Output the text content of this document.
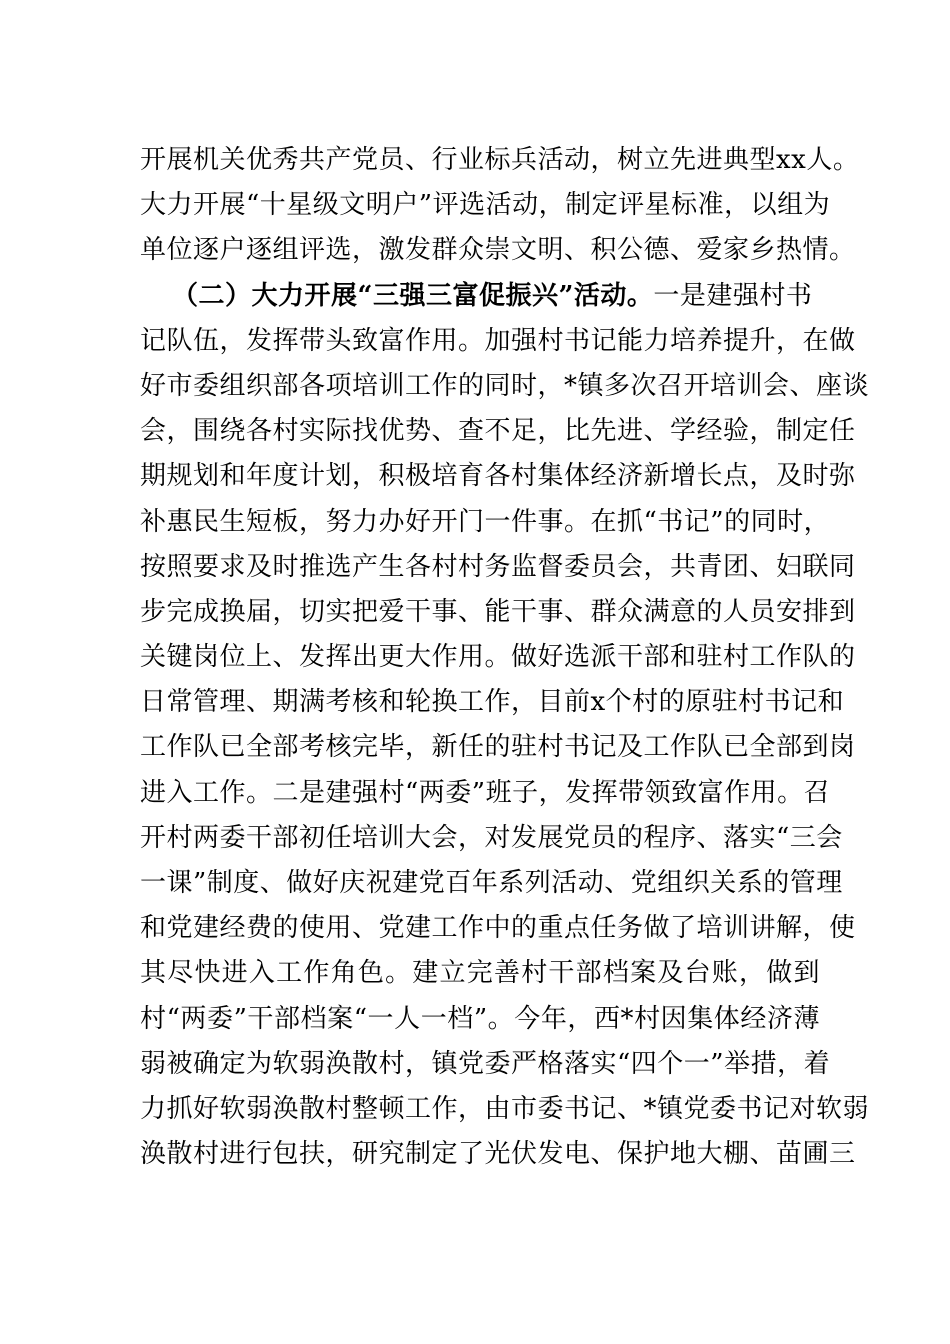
开展机关优秀共产党员、行业标兵活动，树立先进典型xx人。
大力开展“十星级文明户”评选活动，制定评星标准，以组为
单位逐户逐组评选，激发群众崇文明、积公德、爱家乡热情。
（二）大力开展“三强三富促振兴”活动。一是建强村书
记队伍，发挥带头致富作用。加强村书记能力培养提升，在做
好市委组织部各项培训工作的同时，*镇多次召开培训会、座谈
会，围绕各村实际找优势、查不足，比先进、学经验，制定任
期规划和年度计划，积极培育各村集体经济新增长点，及时弥
补惠民生短板，努力办好开门一件事。在抓“书记”的同时，
按照要求及时推选产生各村村务监督委员会，共青团、妇联同
步完成换届，切实把爱干事、能干事、群众满意的人员安排到
关键岗位上、发挥出更大作用。做好选派干部和驻村工作队的
日常管理、期满考核和轮换工作，目前x个村的原驻村书记和
工作队已全部考核完毕，新任的驻村书记及工作队已全部到岗
进入工作。二是建强村“两委”班子，发挥带领致富作用。召
开村两委干部初任培训大会，对发展党员的程序、落实“三会
一课”制度、做好庆祝建党百年系列活动、党组织关系的管理
和党建经费的使用、党建工作中的重点任务做了培训讲解，使
其尽快进入工作角色。建立完善村干部档案及台账，做到
村“两委”干部档案“一人一档”。今年，西*村因集体经济薄
弱被确定为软弱涣散村，镇党委严格落实“四个一”举措，着
力抓好软弱涣散村整顿工作，由市委书记、*镇党委书记对软弱
涣散村进行包扶，研究制定了光伏发电、保护地大棚、苗圃三
